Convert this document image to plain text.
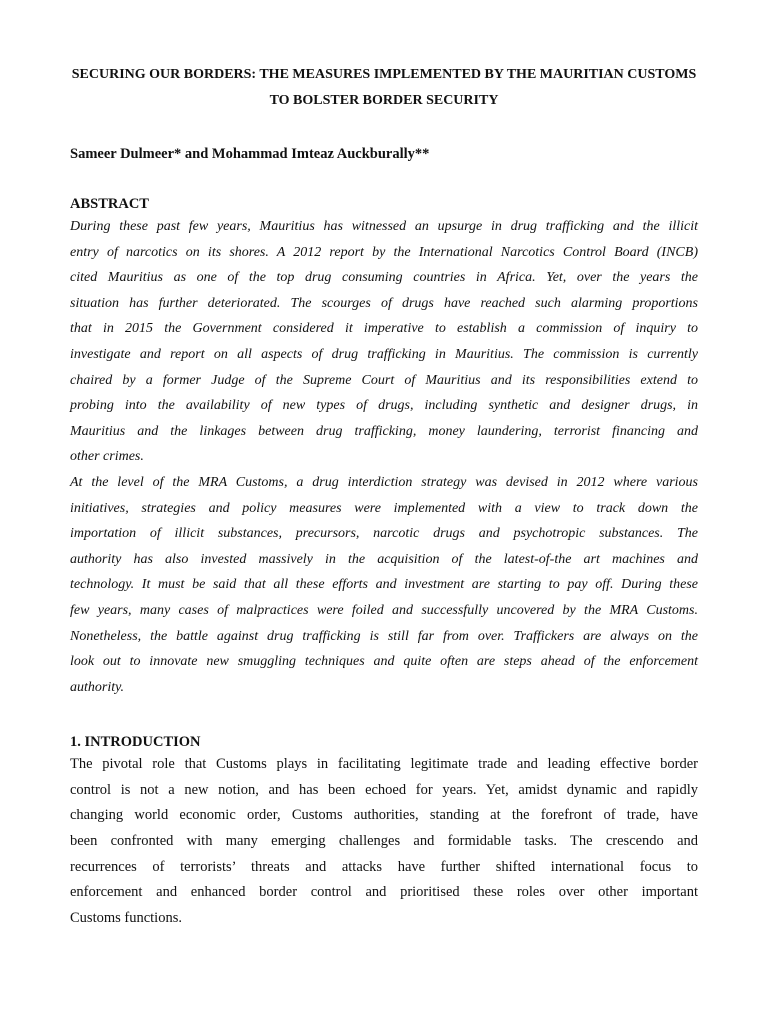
SECURING OUR BORDERS: THE MEASURES IMPLEMENTED BY THE MAURITIAN CUSTOMS
TO BOLSTER BORDER SECURITY
Sameer Dulmeer* and Mohammad Imteaz Auckburally**
ABSTRACT
During these past few years, Mauritius has witnessed an upsurge in drug trafficking and the illicit
entry of narcotics on its shores. A 2012 report by the International Narcotics Control Board (INCB)
cited Mauritius as one of the top drug consuming countries in Africa. Yet, over the years the
situation has further deteriorated. The scourges of drugs have reached such alarming proportions
that in 2015 the Government considered it imperative to establish a commission of inquiry to
investigate and report on all aspects of drug trafficking in Mauritius. The commission is currently
chaired by a former Judge of the Supreme Court of Mauritius and its responsibilities extend to
probing into the availability of new types of drugs, including synthetic and designer drugs, in
Mauritius and the linkages between drug trafficking, money laundering, terrorist financing and
other crimes.
At the level of the MRA Customs, a drug interdiction strategy was devised in 2012 where various
initiatives, strategies and policy measures were implemented with a view to track down the
importation of illicit substances, precursors, narcotic drugs and psychotropic substances. The
authority has also invested massively in the acquisition of the latest-of-the art machines and
technology. It must be said that all these efforts and investment are starting to pay off. During these
few years, many cases of malpractices were foiled and successfully uncovered by the MRA Customs.
Nonetheless, the battle against drug trafficking is still far from over. Traffickers are always on the
look out to innovate new smuggling techniques and quite often are steps ahead of the enforcement
authority.
1. INTRODUCTION
The pivotal role that Customs plays in facilitating legitimate trade and leading effective border
control is not a new notion, and has been echoed for years. Yet, amidst dynamic and rapidly
changing world economic order, Customs authorities, standing at the forefront of trade, have
been confronted with many emerging challenges and formidable tasks. The crescendo and
recurrences of terrorists’ threats and attacks have further shifted international focus to
enforcement and enhanced border control and prioritised these roles over other important
Customs functions.
